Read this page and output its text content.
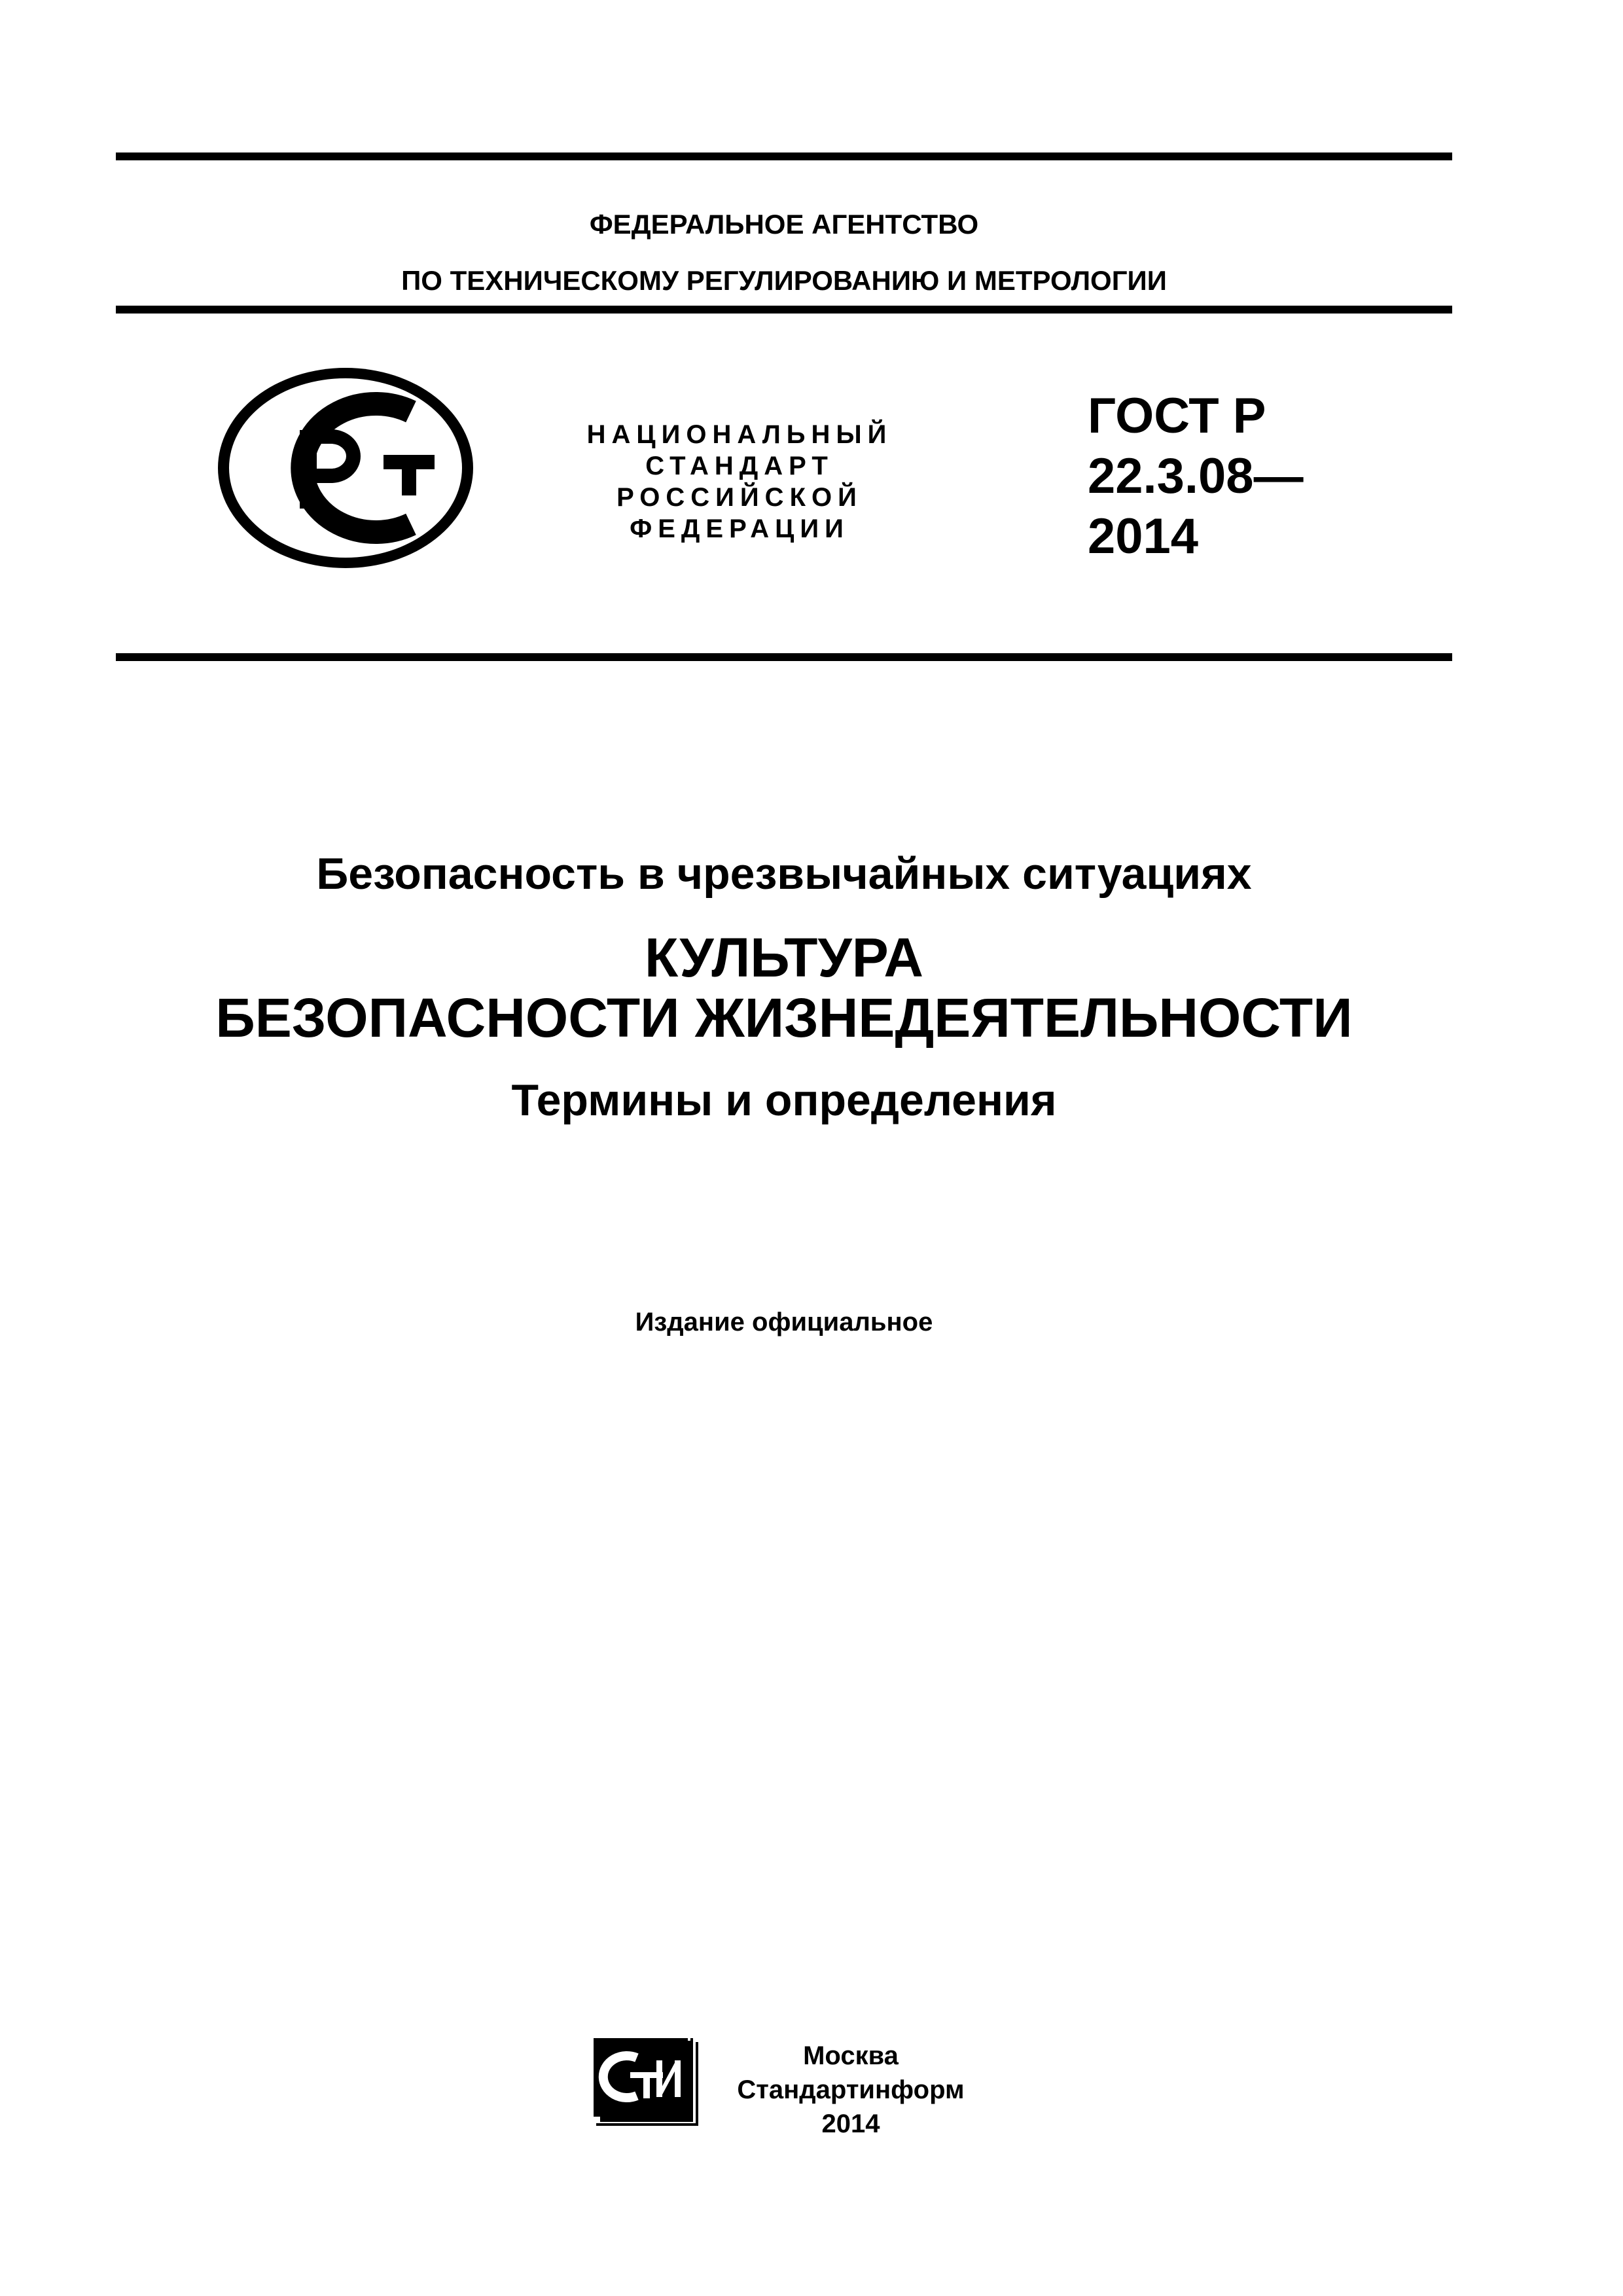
ФЕДЕРАЛЬНОЕ АГЕНТСТВО
ПО ТЕХНИЧЕСКОМУ РЕГУЛИРОВАНИЮ И МЕТРОЛОГИИ
НАЦИОНАЛЬНЫЙ
СТАНДАРТ
РОССИЙСКОЙ
ФЕДЕРАЦИИ
ГОСТ Р
22.3.08—
2014
Безопасность в чрезвычайных ситуациях
КУЛЬТУРА
БЕЗОПАСНОСТИ ЖИЗНЕДЕЯТЕЛЬНОСТИ
Термины и определения
Издание официальное
Москва
Стандартинформ
2014
